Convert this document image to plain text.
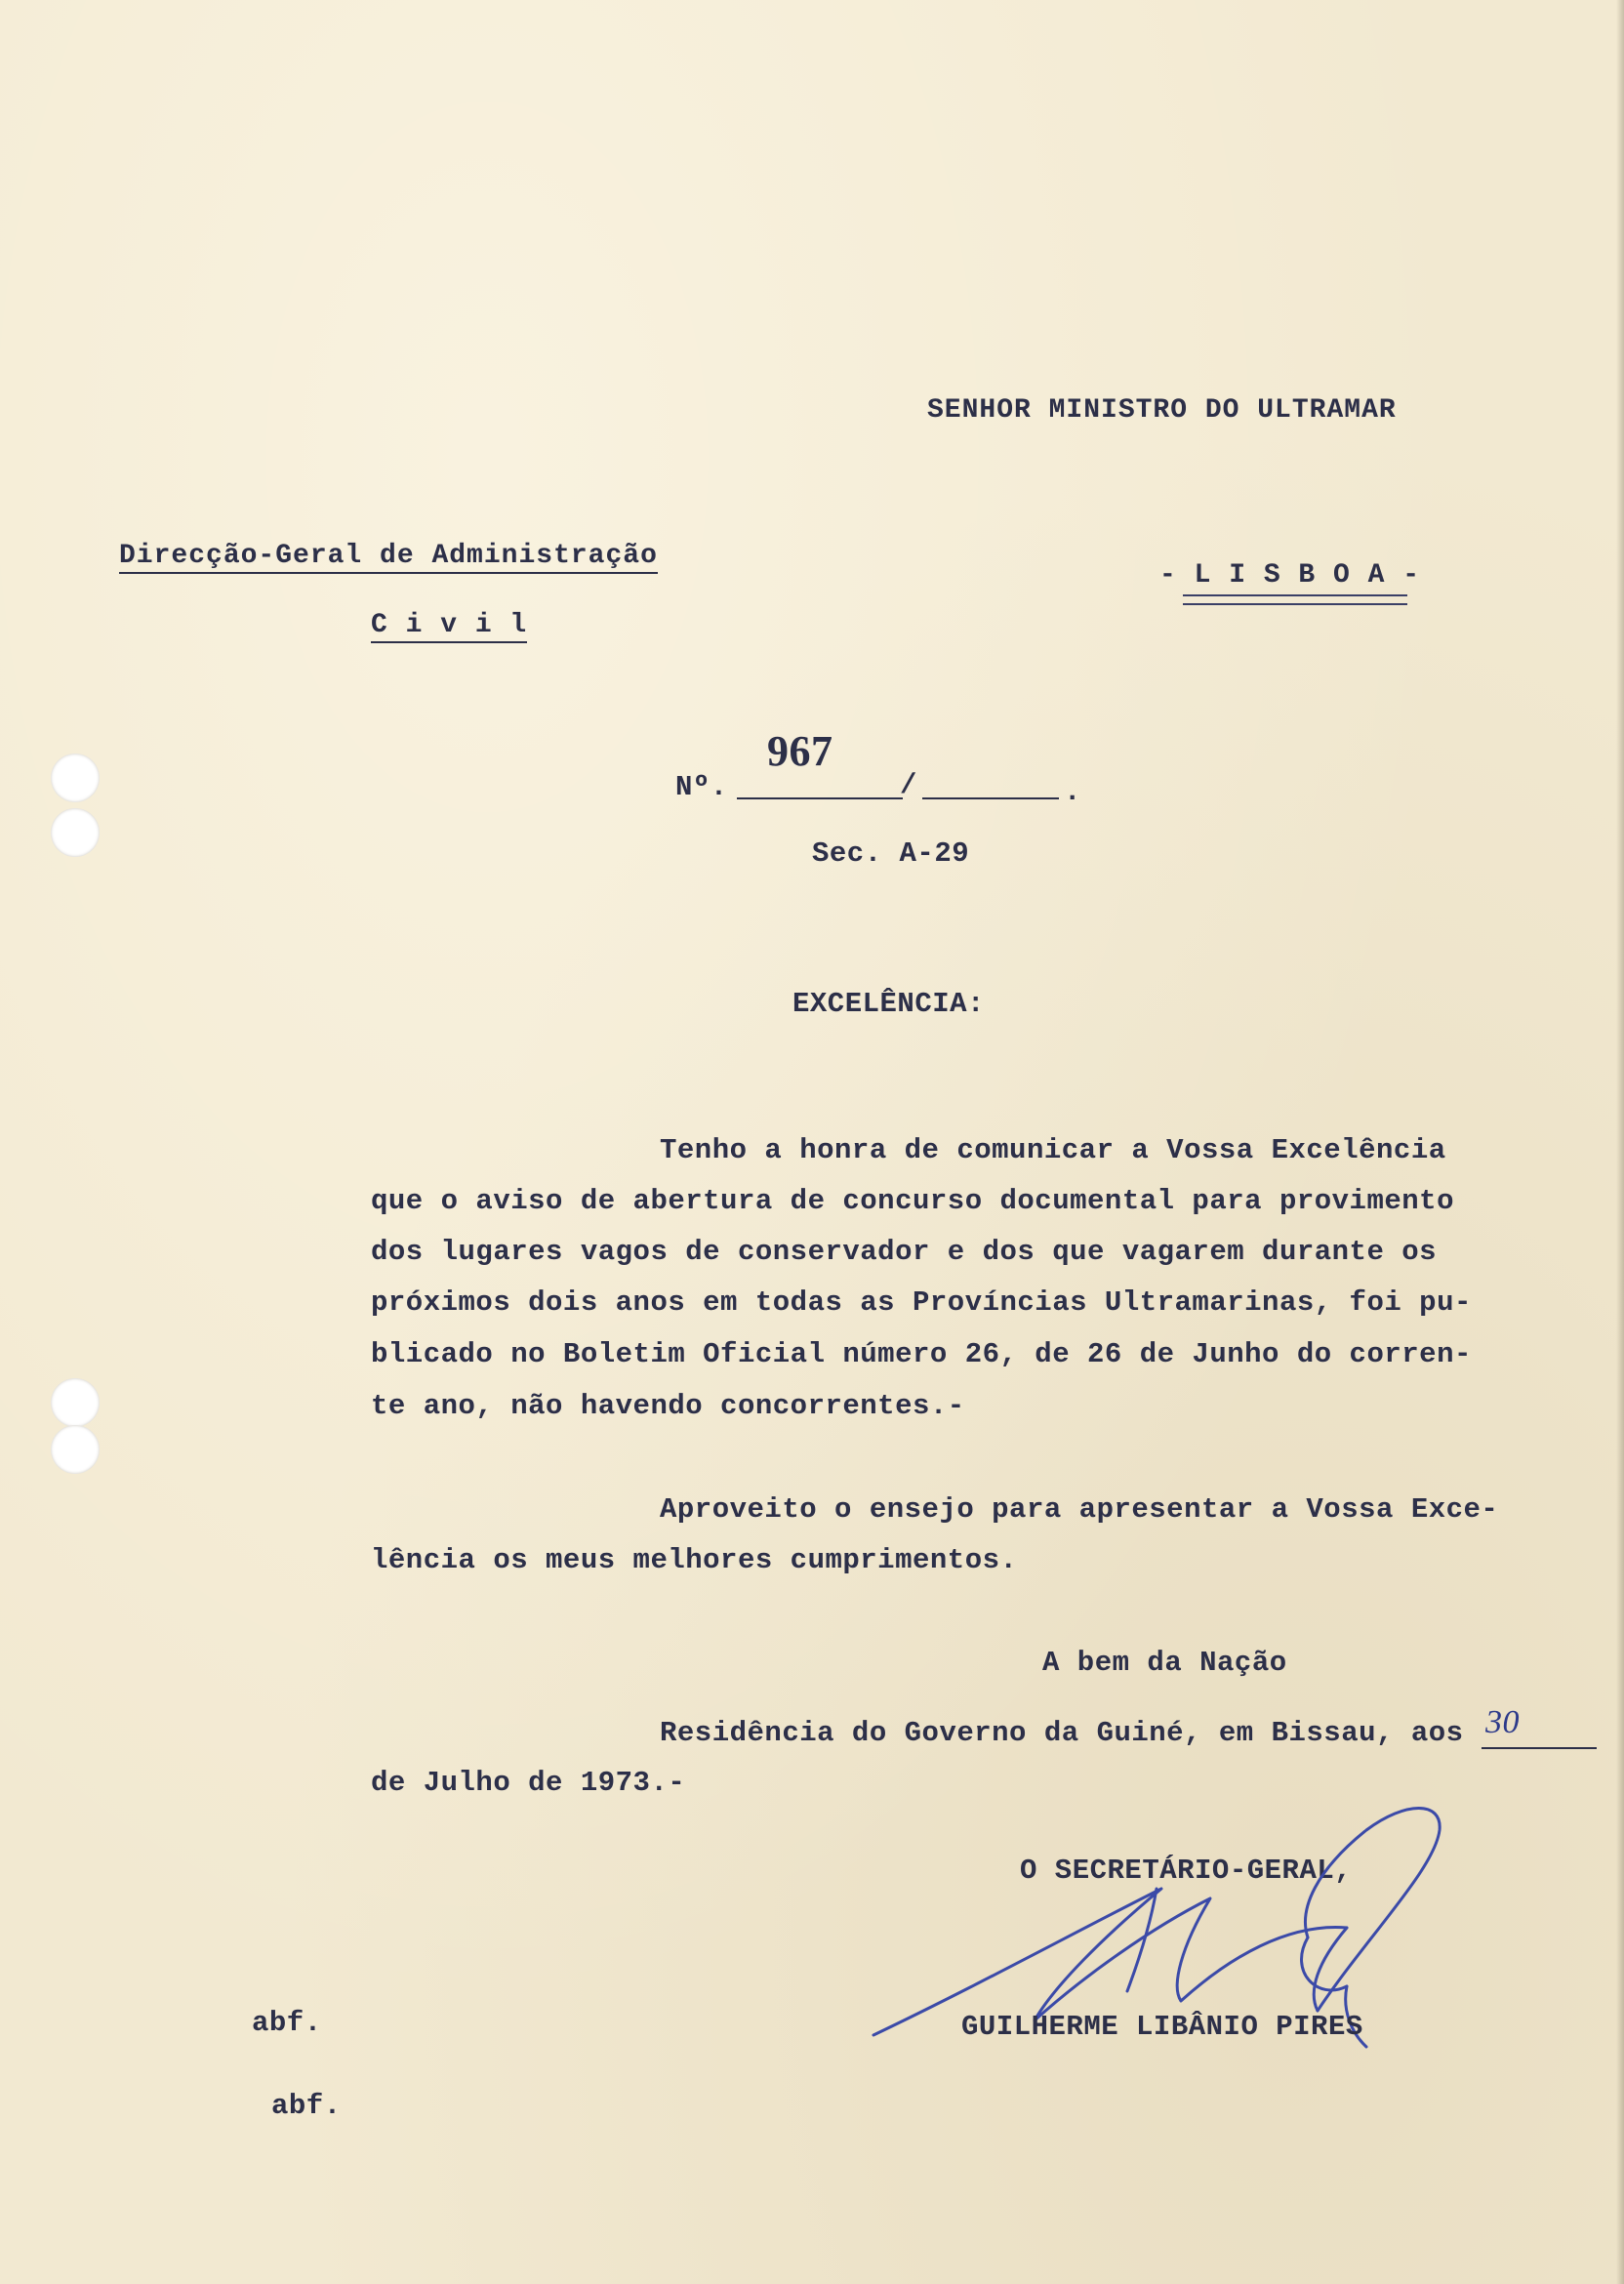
SENHOR MINISTRO DO ULTRAMAR
Direcção-Geral de Administração
C i v i l
- L I S B O A -
Nº.
967
/	.
Sec. A-29
EXCELÊNCIA:
Tenho a honra de comunicar a Vossa Excelência
que o aviso de abertura de concurso documental para provimento
dos lugares vagos de conservador e dos que vagarem durante os
próximos dois anos em todas as Províncias Ultramarinas, foi pu-
blicado no Boletim Oficial número 26, de 26 de Junho do corren-
te ano, não havendo concorrentes.-
Aproveito o ensejo para apresentar a Vossa Exce-
lência os meus melhores cumprimentos.
A bem da Nação
Residência do Governo da Guiné, em Bissau, aos 30
de Julho de 1973.-
O SECRETÁRIO-GERAL,
GUILHERME LIBÂNIO PIRES
abf.
abf.
